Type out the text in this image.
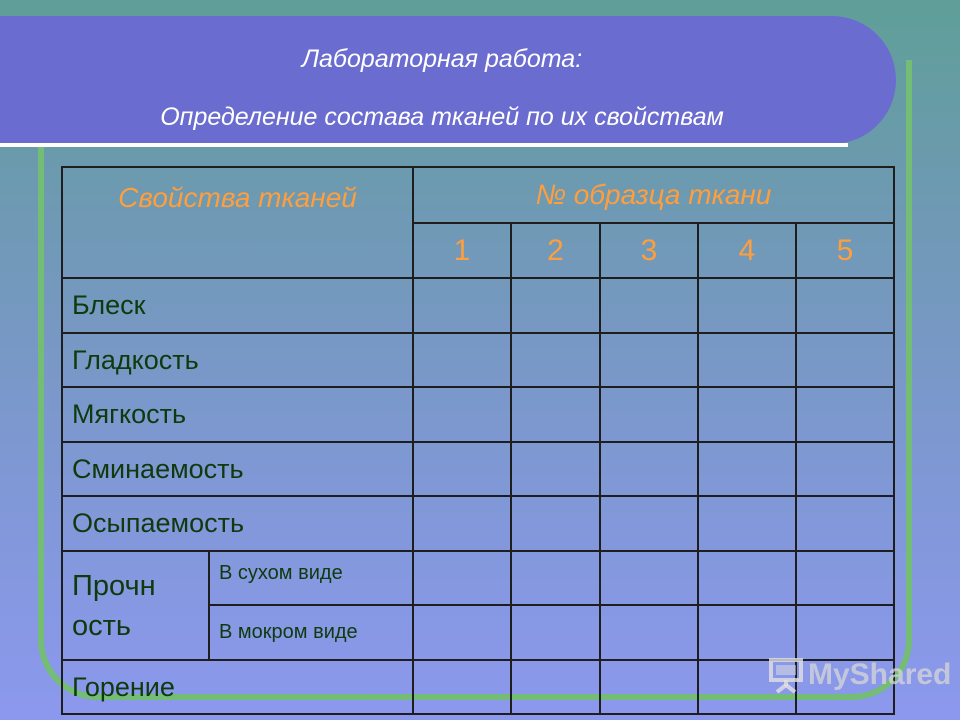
Лабораторная работа:
Определение состава тканей по их свойствам
Свойства тканей		№ образца ткани				
		1	2	3	4	5
Блеск						
Гладкость						
Мягкость						
Сминаемость						
Осыпаемость						
Прочн ость	В сухом виде					
	В мокром виде					
Горение							MyShared
